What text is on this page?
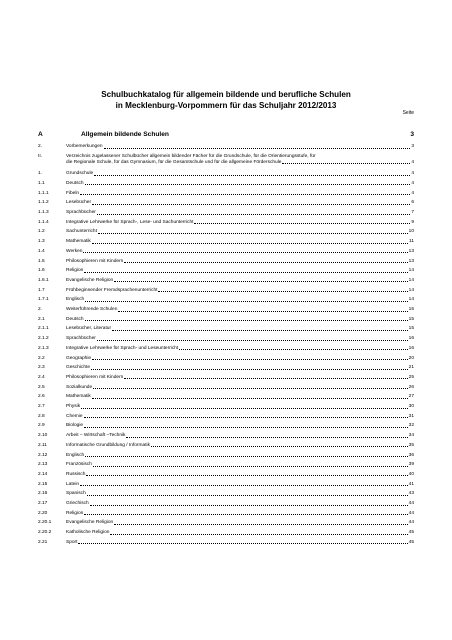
Schulbuchkatalog für allgemein bildende und berufliche Schulen
in Mecklenburg-Vorpommern für das Schuljahr 2012/2013
Seite
A	Allgemein bildende Schulen	3
2.	Vorbemerkungen	3
II.	Verzeichnis zugelassener Schulbücher allgemein bildender Fächer für die Grundschule, für die Orientierungsstufe, für
die Regionale Schule, für das Gymnasium, für die Gesamtschule und für die allgemeine Förderschule	4
1.	Grundschule	4
1.1	Deutsch	4
1.1.1	Fibeln	4
1.1.2	Lesebücher	6
1.1.3	Sprachbücher	7
1.1.4	Integrative Lehrwerke für Sprach-, Lese- und Sachunterricht	9
1.2	Sachunterricht	10
1.3	Mathematik	11
1.4	Werken	13
1.5	Philosophieren mit Kindern	13
1.6	Religion	14
1.6.1	Evangelische Religion	14
1.7	Frühbeginnender Fremdsprachenunterricht	14
1.7.1	Englisch	14
2.	Weiterführende Schulen	15
2.1	Deutsch	15
2.1.1	Lesebücher, Literatur	15
2.1.2	Sprachbücher	16
2.1.3	Integrative Lehrwerke für Sprach- und Leseunterricht	16
2.2	Geographie	20
2.3	Geschichte	21
2.4	Philosophieren mit Kindern	25
2.5	Sozialkunde	26
2.6	Mathematik	27
2.7	Physik	30
2.8	Chemie	31
2.9	Biologie	32
2.10	Arbeit – Wirtschaft –Technik	34
2.11	Informatische Grundbildung / Informatik	35
2.12	Englisch	36
2.13	Französisch	39
2.14	Russisch	40
2.15	Latein	41
2.16	Spanisch	43
2.17	Griechisch	44
2.20	Religion	44
2.20.1	Evangelische Religion	44
2.20.2	Katholische Religion	45
2.21	Sport	45
